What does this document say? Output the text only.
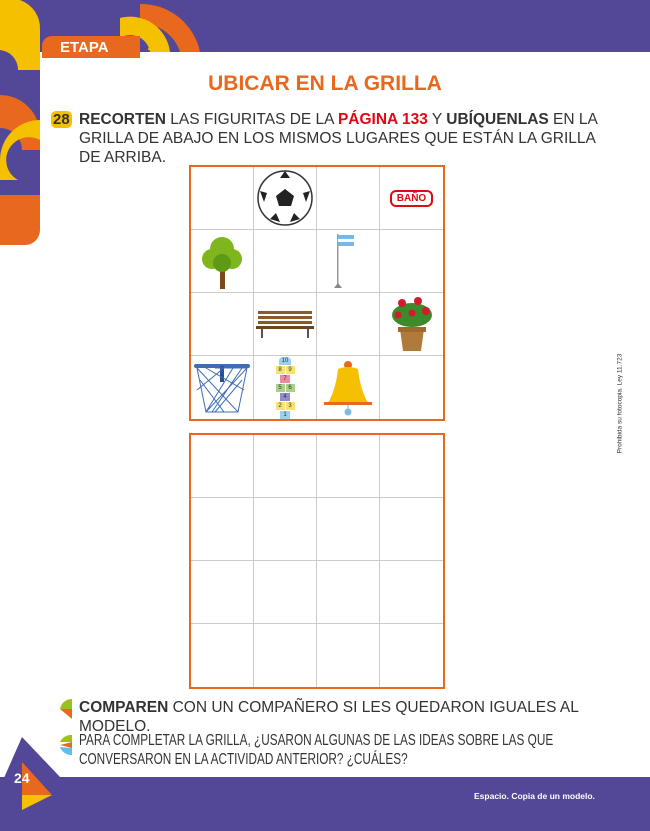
ETAPA	1
UBICAR EN LA GRILLA
28 RECORTEN LAS FIGURITAS DE LA PÁGINA 133 Y UBÍQUENLAS EN LA GRILLA DE ABAJO EN LOS MISMOS LUGARES QUE ESTÁN LA GRILLA DE ARRIBA.
BAÑO
10
8	9
7
5	6
4
2	3
1
COMPAREN CON UN COMPAÑERO SI LES QUEDARON IGUALES AL MODELO.
24
Espacio. Copia de un modelo.
PARA COMPLETAR LA GRILLA, ¿USARON ALGUNAS DE LAS IDEAS SOBRE LAS QUE CONVERSARON EN LA ACTIVIDAD ANTERIOR? ¿CUÁLES?
Prohibida su fotocopia. Ley 11.723
